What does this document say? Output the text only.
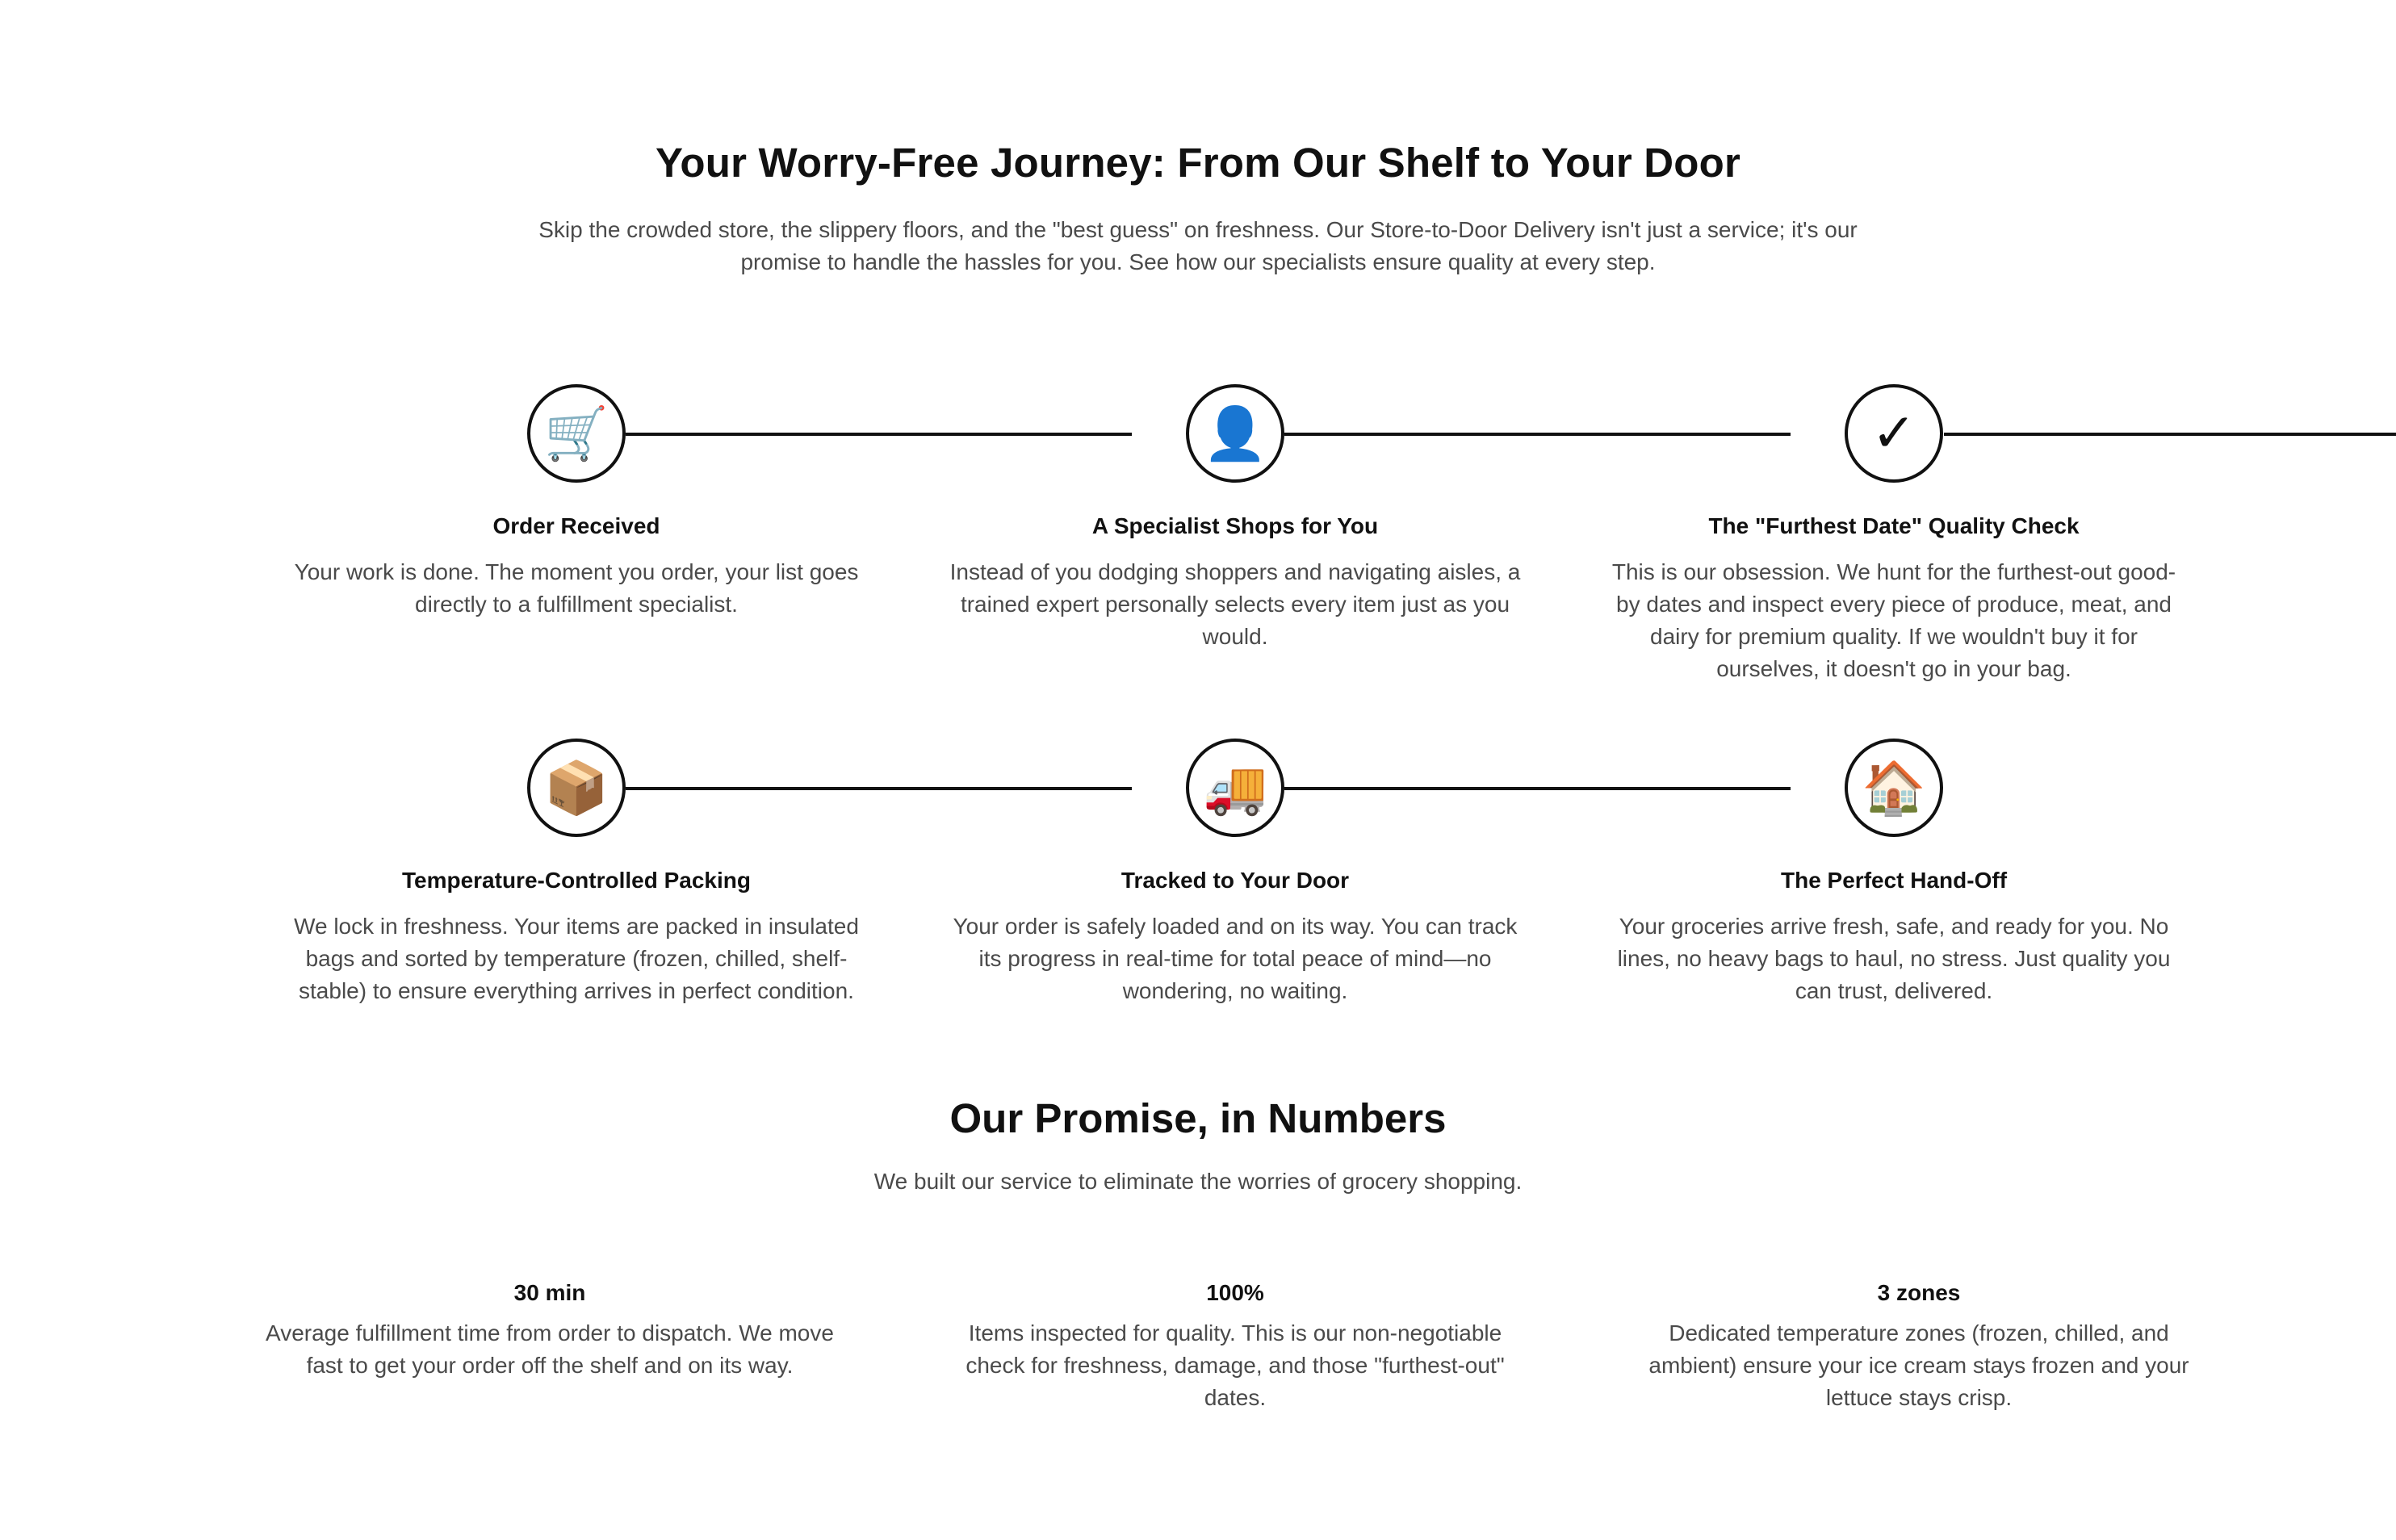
Your Worry-Free Journey: From Our Shelf to Your Door

Skip the crowded store, the slippery floors, and the "best guess" on freshness. Our Store-to-Door Delivery isn't just a service; it's our promise to handle the hassles for you. See how our specialists ensure quality at every step.

🛒
Order Received

Your work is done. The moment you order, your list goes directly to a fulfillment specialist.

👤
A Specialist Shops for You

Instead of you dodging shoppers and navigating aisles, a trained expert personally selects every item just as you would.

✓
The "Furthest Date" Quality Check

This is our obsession. We hunt for the furthest-out good-by dates and inspect every piece of produce, meat, and dairy for premium quality. If we wouldn't buy it for ourselves, it doesn't go in your bag.

📦
Temperature-Controlled Packing

We lock in freshness. Your items are packed in insulated bags and sorted by temperature (frozen, chilled, shelf-stable) to ensure everything arrives in perfect condition.

🚚
Tracked to Your Door

Your order is safely loaded and on its way. You can track its progress in real-time for total peace of mind—no wondering, no waiting.

🏠
The Perfect Hand-Off

Your groceries arrive fresh, safe, and ready for you. No lines, no heavy bags to haul, no stress. Just quality you can trust, delivered.

Our Promise, in Numbers

We built our service to eliminate the worries of grocery shopping.

30 min

Average fulfillment time from order to dispatch. We move fast to get your order off the shelf and on its way.

100%

Items inspected for quality. This is our non-negotiable check for freshness, damage, and those "furthest-out" dates.

3 zones

Dedicated temperature zones (frozen, chilled, and ambient) ensure your ice cream stays frozen and your lettuce stays crisp.
